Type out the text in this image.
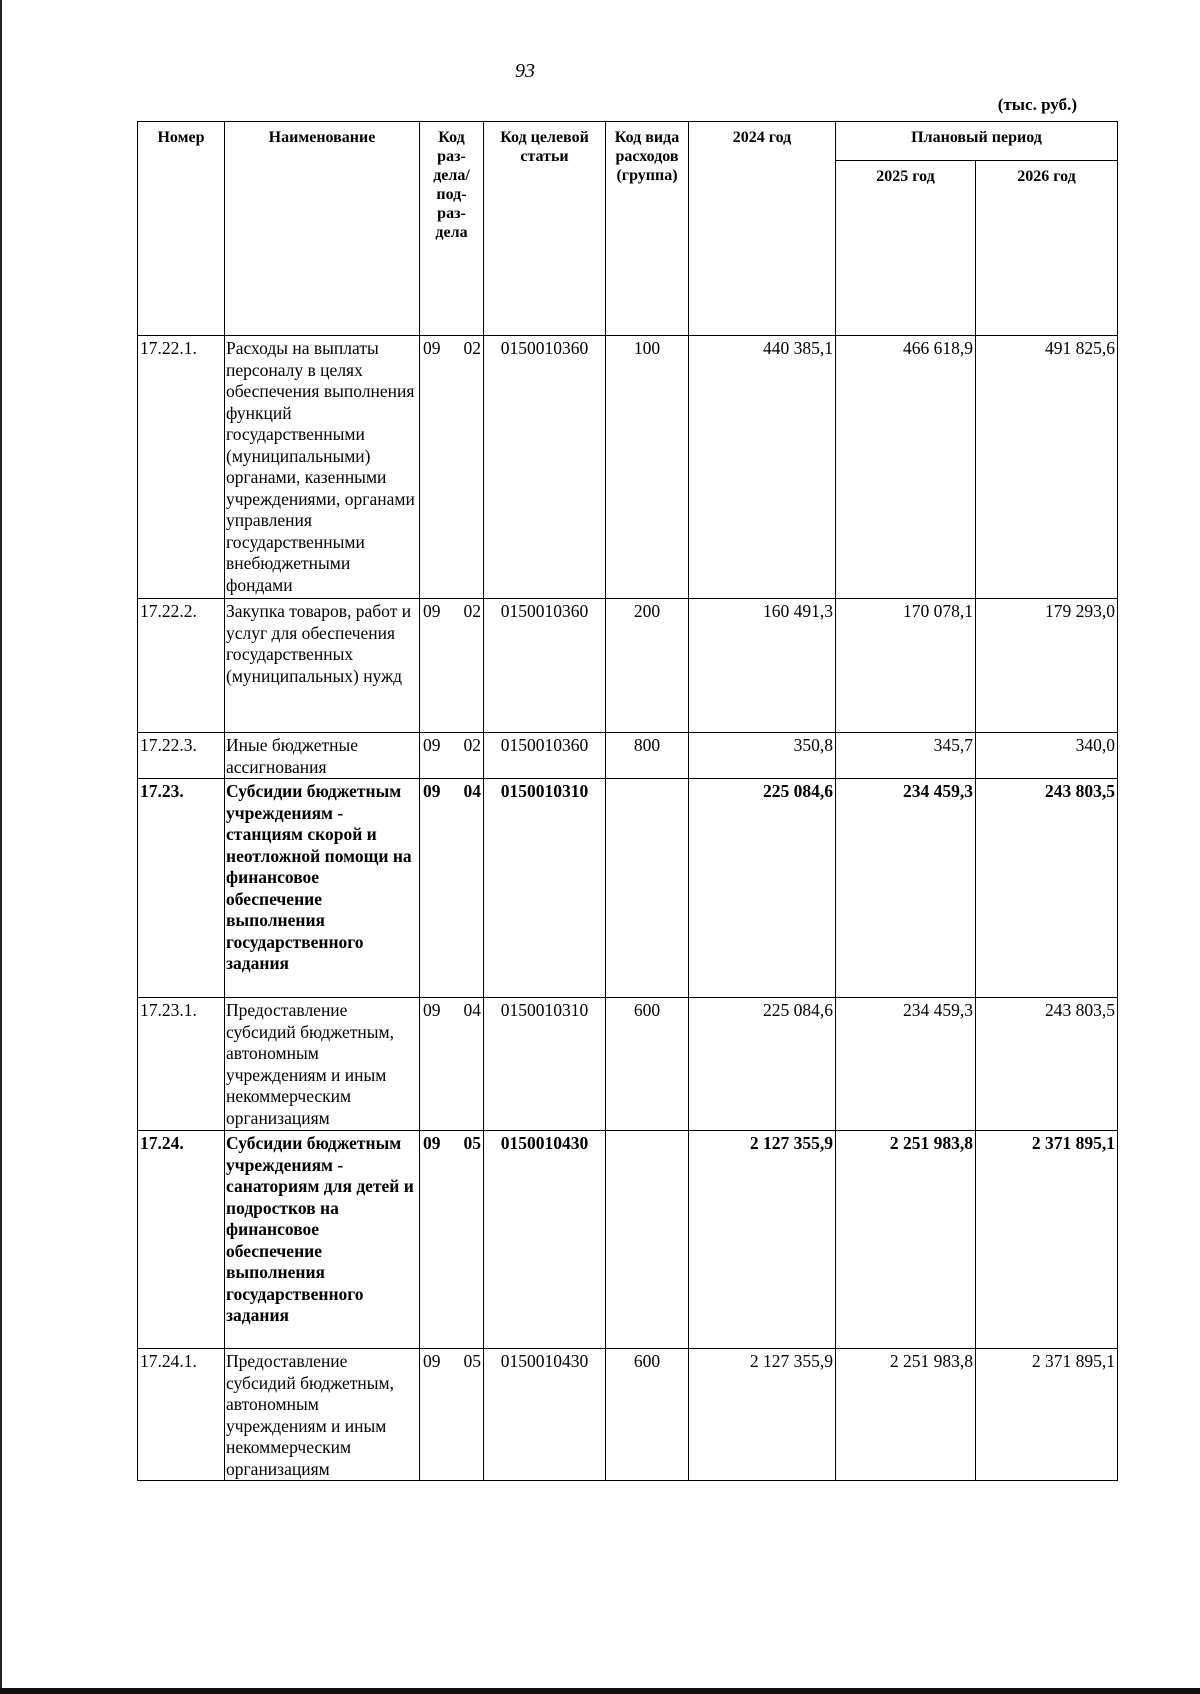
93
(тыс. руб.)
Номер	Наименование	Код раз- дела/ под- раз- дела	Код целевой статьи	Код вида расходов (группа)	2024 год	Плановый период	
						2025 год	2026 год
17.22.1.	Расходы на выплаты персоналу в целях обеспечения выполнения функций государственными (муниципальными) органами, казенными учреждениями, органами управления государственными внебюджетными фондами	09 02	0150010360	100	440 385,1	466 618,9	491 825,6
17.22.2.	Закупка товаров, работ и услуг для обеспечения государственных (муниципальных) нужд	09 02	0150010360	200	160 491,3	170 078,1	179 293,0
17.22.3.	Иные бюджетные ассигнования	09 02	0150010360	800	350,8	345,7	340,0
17.23.	Субсидии бюджетным учреждениям - станциям скорой и неотложной помощи на финансовое обеспечение выполнения государственного задания	09 04	0150010310		225 084,6	234 459,3	243 803,5
17.23.1.	Предоставление субсидий бюджетным, автономным учреждениям и иным некоммерческим организациям	09 04	0150010310	600	225 084,6	234 459,3	243 803,5
17.24.	Субсидии бюджетным учреждениям - санаториям для детей и подростков на финансовое обеспечение выполнения государственного задания	09 05	0150010430		2 127 355,9	2 251 983,8	2 371 895,1
17.24.1.	Предоставление субсидий бюджетным, автономным учреждениям и иным некоммерческим организациям	09 05	0150010430	600	2 127 355,9	2 251 983,8	2 371 895,1
